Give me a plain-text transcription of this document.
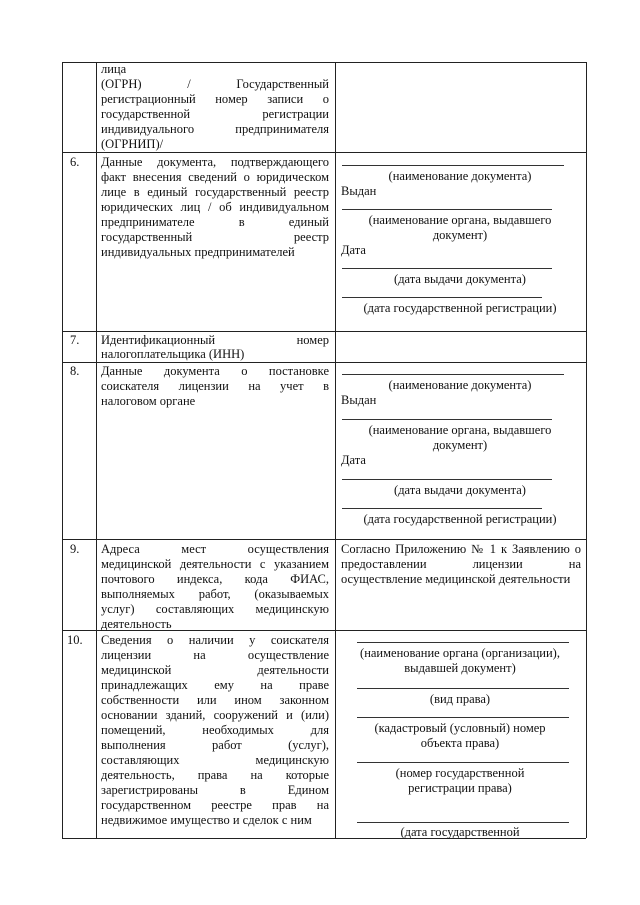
лица
(ОГРН) / Государственный
регистрационный номер записи о
государственной регистрации
индивидуального предпринимателя
(ОГРНИП)/
6. Данные документа, подтверждающего
факт внесения сведений о юридическом
лице в единый государственный реестр
юридических лиц / об индивидуальном
предпринимателе в единый
государственный реестр
индивидуальных предпринимателей
(наименование документа)
Выдан
(наименование органа, выдавшего
документ)
Дата
(дата выдачи документа)
(дата государственной регистрации)
7. Идентификационный номер
налогоплательщика (ИНН)
8. Данные документа о постановке
соискателя лицензии на учет в
налоговом органе
(наименование документа)
Выдан
(наименование органа, выдавшего
документ)
Дата
(дата выдачи документа)
(дата государственной регистрации)
9. Адреса мест осуществления
медицинской деятельности с указанием
почтового индекса, кода ФИАС,
выполняемых работ, (оказываемых
услуг) составляющих медицинскую
деятельность
Согласно Приложению № 1 к Заявлению о
предоставлении лицензии на
осуществление медицинской деятельности
10. Сведения о наличии у соискателя
лицензии на осуществление
медицинской деятельности
принадлежащих ему на праве
собственности или ином законном
основании зданий, сооружений и (или)
помещений, необходимых для
выполнения работ (услуг),
составляющих медицинскую
деятельность, права на которые
зарегистрированы в Едином
государственном реестре прав на
недвижимое имущество и сделок с ним
(наименование органа (организации),
выдавшей документ)
(вид права)
(кадастровый (условный) номер
объекта права)
(номер государственной
регистрации права)
(дата государственной
